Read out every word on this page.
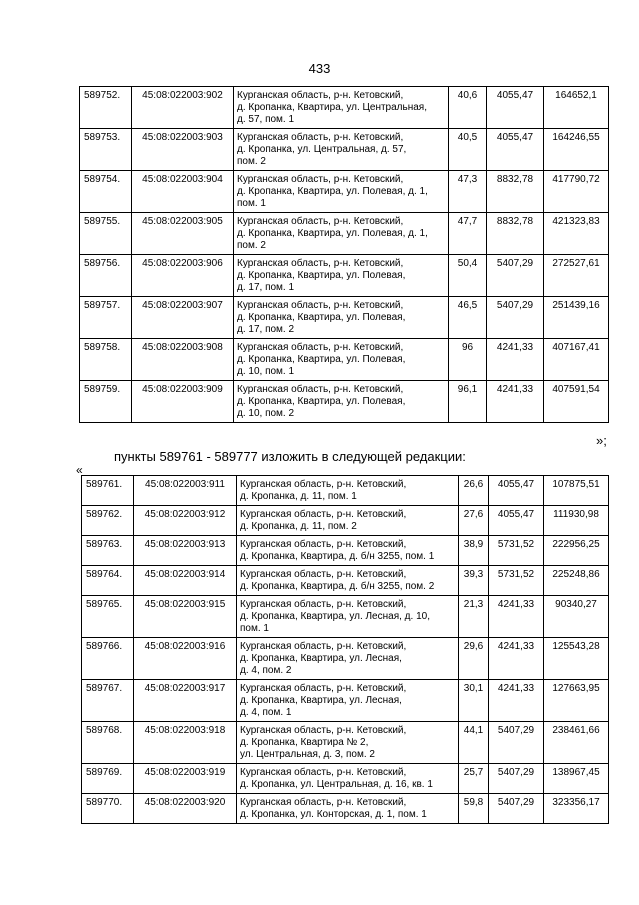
433
589752.	45:08:022003:902	Курганская область, р-н. Кетовский,
д. Кропанка, Квартира, ул. Центральная,
д. 57, пом. 1	40,6	4055,47	164652,1
589753.	45:08:022003:903	Курганская область, р-н. Кетовский,
д. Кропанка, ул. Центральная, д. 57,
пом. 2	40,5	4055,47	164246,55
589754.	45:08:022003:904	Курганская область, р-н. Кетовский,
д. Кропанка, Квартира, ул. Полевая, д. 1,
пом. 1	47,3	8832,78	417790,72
589755.	45:08:022003:905	Курганская область, р-н. Кетовский,
д. Кропанка, Квартира, ул. Полевая, д. 1,
пом. 2	47,7	8832,78	421323,83
589756.	45:08:022003:906	Курганская область, р-н. Кетовский,
д. Кропанка, Квартира, ул. Полевая,
д. 17, пом. 1	50,4	5407,29	272527,61
589757.	45:08:022003:907	Курганская область, р-н. Кетовский,
д. Кропанка, Квартира, ул. Полевая,
д. 17, пом. 2	46,5	5407,29	251439,16
589758.	45:08:022003:908	Курганская область, р-н. Кетовский,
д. Кропанка, Квартира, ул. Полевая,
д. 10, пом. 1	96	4241,33	407167,41
589759.	45:08:022003:909	Курганская область, р-н. Кетовский,
д. Кропанка, Квартира, ул. Полевая,
д. 10, пом. 2	96,1	4241,33	407591,54
»;
пункты 589761 - 589777 изложить в следующей редакции:
«
589761.	45:08:022003:911	Курганская область, р-н. Кетовский,
д. Кропанка, д. 11, пом. 1	26,6	4055,47	107875,51
589762.	45:08:022003:912	Курганская область, р-н. Кетовский,
д. Кропанка, д. 11, пом. 2	27,6	4055,47	111930,98
589763.	45:08:022003:913	Курганская область, р-н. Кетовский,
д. Кропанка, Квартира, д. б/н 3255, пом. 1	38,9	5731,52	222956,25
589764.	45:08:022003:914	Курганская область, р-н. Кетовский,
д. Кропанка, Квартира, д. б/н 3255, пом. 2	39,3	5731,52	225248,86
589765.	45:08:022003:915	Курганская область, р-н. Кетовский,
д. Кропанка, Квартира, ул. Лесная, д. 10,
пом. 1	21,3	4241,33	90340,27
589766.	45:08:022003:916	Курганская область, р-н. Кетовский,
д. Кропанка, Квартира, ул. Лесная,
д. 4, пом. 2	29,6	4241,33	125543,28
589767.	45:08:022003:917	Курганская область, р-н. Кетовский,
д. Кропанка, Квартира, ул. Лесная,
д. 4, пом. 1	30,1	4241,33	127663,95
589768.	45:08:022003:918	Курганская область, р-н. Кетовский,
д. Кропанка, Квартира № 2,
ул. Центральная, д. 3, пом. 2	44,1	5407,29	238461,66
589769.	45:08:022003:919	Курганская область, р-н. Кетовский,
д. Кропанка, ул. Центральная, д. 16, кв. 1	25,7	5407,29	138967,45
589770.	45:08:022003:920	Курганская область, р-н. Кетовский,
д. Кропанка, ул. Конторская, д. 1, пом. 1	59,8	5407,29	323356,17
